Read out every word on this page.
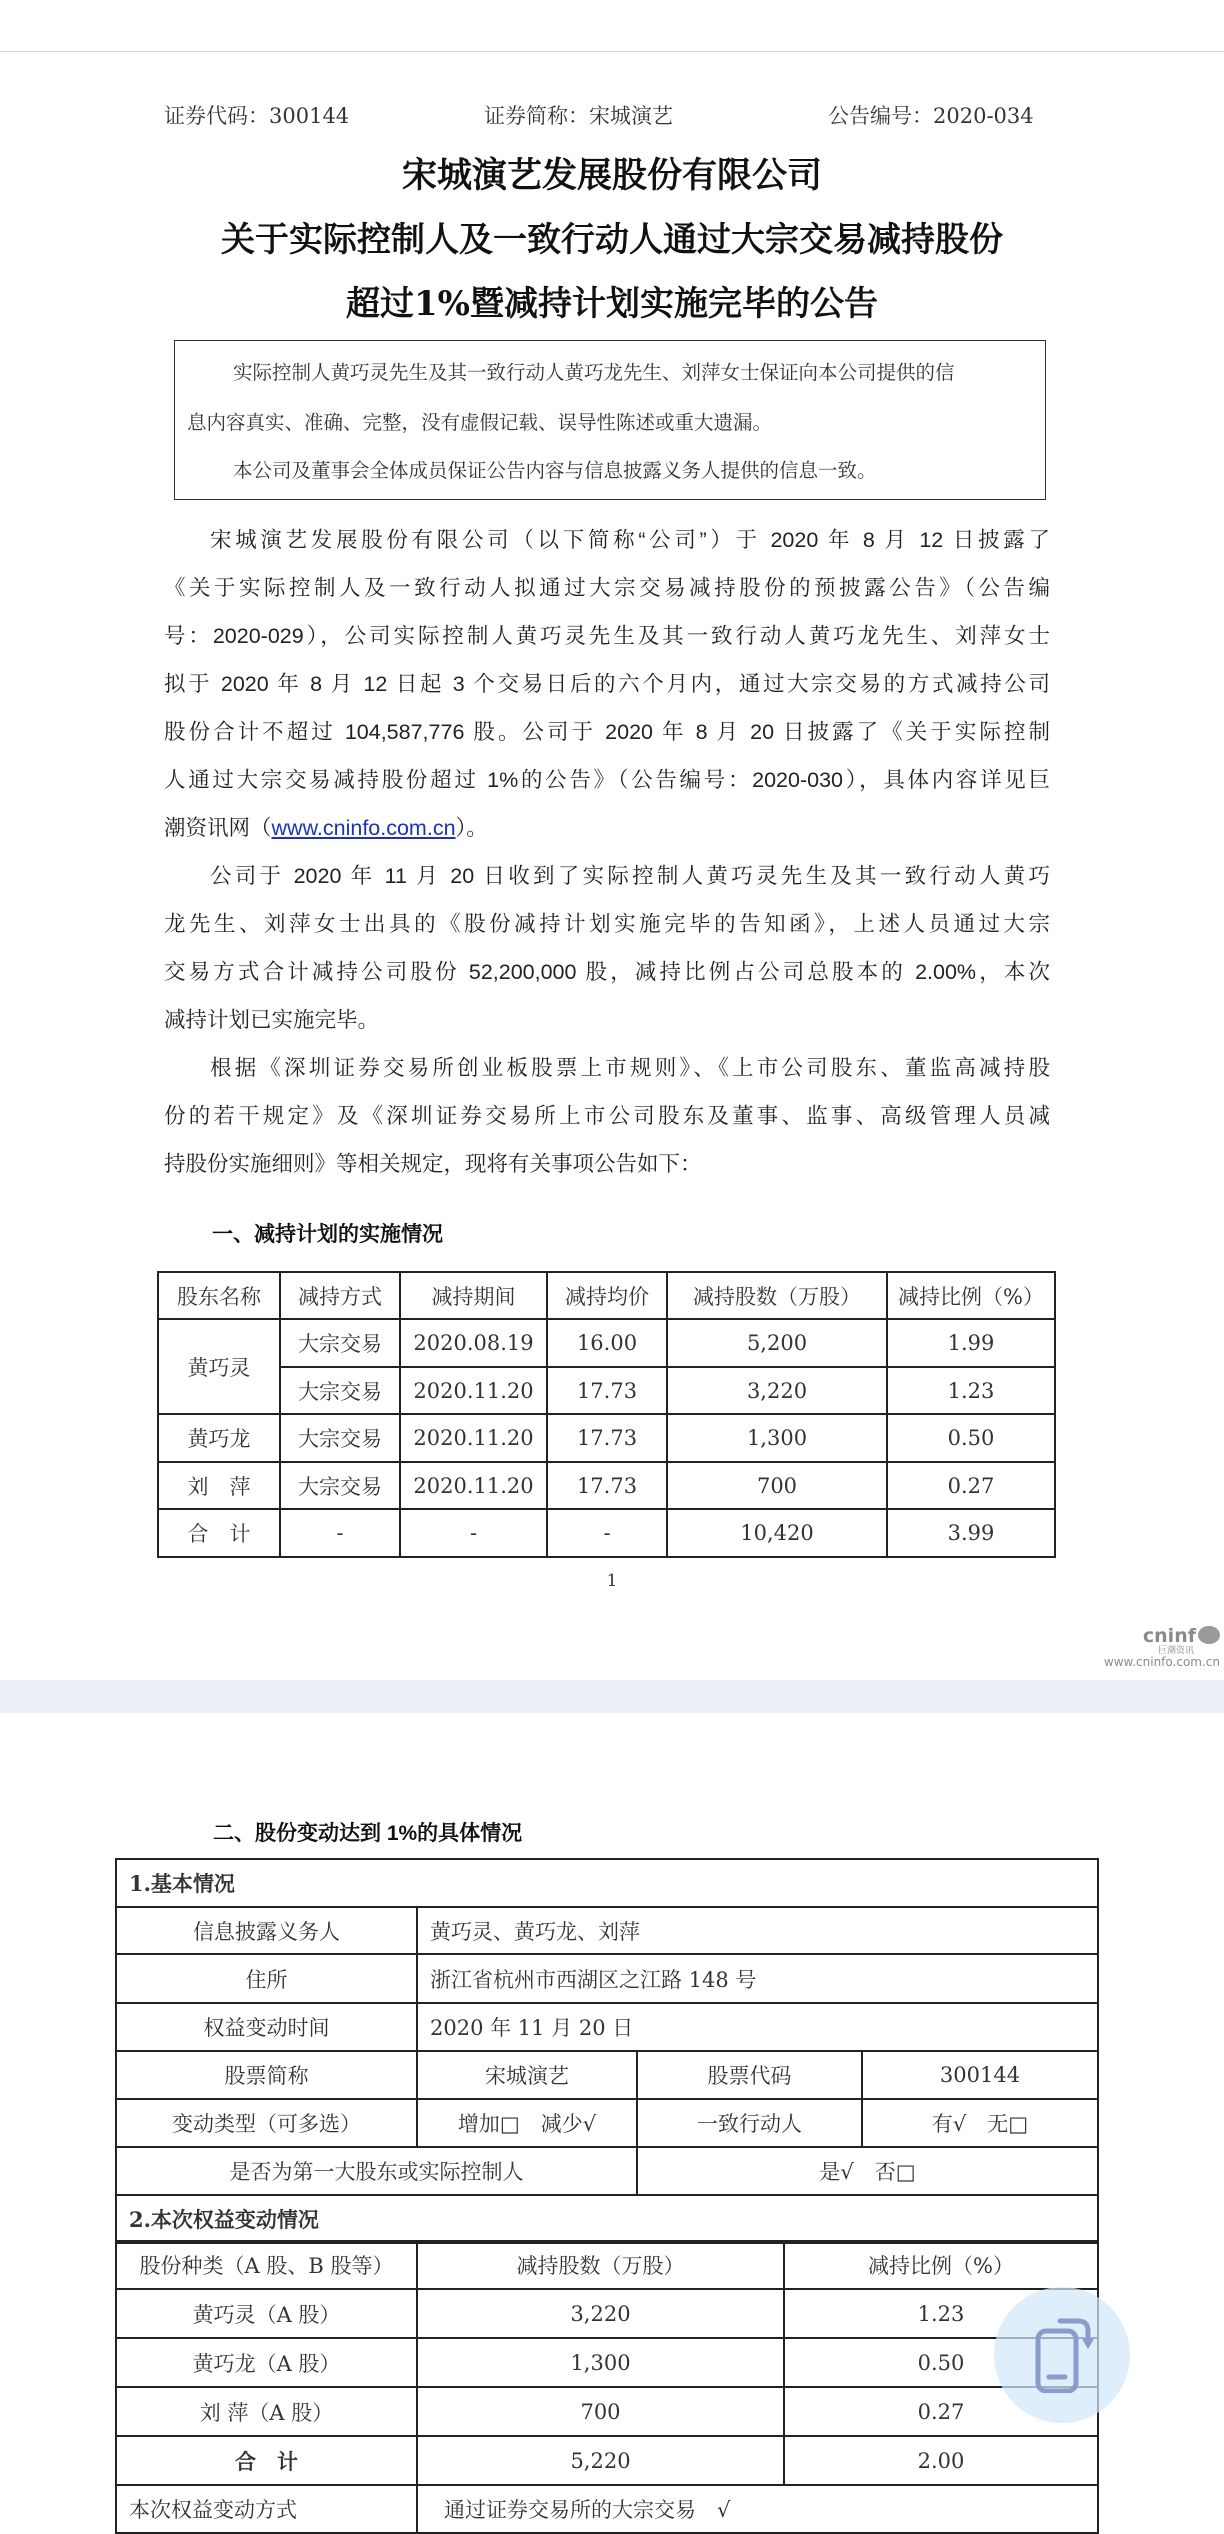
证券代码：300144	证券简称：宋城演艺	公告编号：2020-034
宋城演艺发展股份有限公司
关于实际控制人及一致行动人通过大宗交易减持股份
超过1%暨减持计划实施完毕的公告

实际控制人黄巧灵先生及其一致行动人黄巧龙先生、刘萍女士保证向本公司提供的信

息内容真实、准确、完整，没有虚假记载、误导性陈述或重大遗漏。

本公司及董事会全体成员保证公告内容与信息披露义务人提供的信息一致。

宋城演艺发展股份有限公司（以下简称“公司”）于 2020 年 8 月 12 日披露了
《关于实际控制人及一致行动人拟通过大宗交易减持股份的预披露公告》（公告编
号：2020-029），公司实际控制人黄巧灵先生及其一致行动人黄巧龙先生、刘萍女士
拟于 2020 年 8 月 12 日起 3 个交易日后的六个月内，通过大宗交易的方式减持公司
股份合计不超过 104,587,776 股。公司于 2020 年 8 月 20 日披露了《关于实际控制
人通过大宗交易减持股份超过 1%的公告》（公告编号：2020-030），具体内容详见巨
潮资讯网（www.cninfo.com.cn）。
公司于 2020 年 11 月 20 日收到了实际控制人黄巧灵先生及其一致行动人黄巧
龙先生、刘萍女士出具的《股份减持计划实施完毕的告知函》，上述人员通过大宗
交易方式合计减持公司股份 52,200,000 股，减持比例占公司总股本的 2.00%，本次
减持计划已实施完毕。
根据《深圳证券交易所创业板股票上市规则》、《上市公司股东、董监高减持股
份的若干规定》及《深圳证券交易所上市公司股东及董事、监事、高级管理人员减
持股份实施细则》等相关规定，现将有关事项公告如下：
一、减持计划的实施情况
股东名称	减持方式	减持期间	减持均价	减持股数（万股）	减持比例（%）
黄巧灵	大宗交易	2020.08.19	16.00	5,200	1.99
	大宗交易	2020.11.20	17.73	3,220	1.23
黄巧龙	大宗交易	2020.11.20	17.73	1,300	0.50
刘　萍	大宗交易	2020.11.20	17.73	700	0.27
合　计	-	-	-	10,420	3.99
1
cninf
巨潮资讯
www.cninfo.com.cn
二、股份变动达到 1%的具体情况
1.基本情况			
信息披露义务人	黄巧灵、黄巧龙、刘萍		
住所	浙江省杭州市西湖区之江路 148 号		
权益变动时间	2020 年 11 月 20 日		
股票简称	宋城演艺	股票代码	300144
变动类型（可多选）	增加□　减少√	一致行动人	有√　无□
是否为第一大股东或实际控制人		是√　否□	
2.本次权益变动情况			
股份种类（A 股、B 股等）	减持股数（万股）	减持比例（%）
黄巧灵（A 股）	3,220	1.23
黄巧龙（A 股）	1,300	0.50
刘 萍（A 股）	700	0.27
合　计	5,220	2.00
本次权益变动方式	通过证券交易所的大宗交易　√	
